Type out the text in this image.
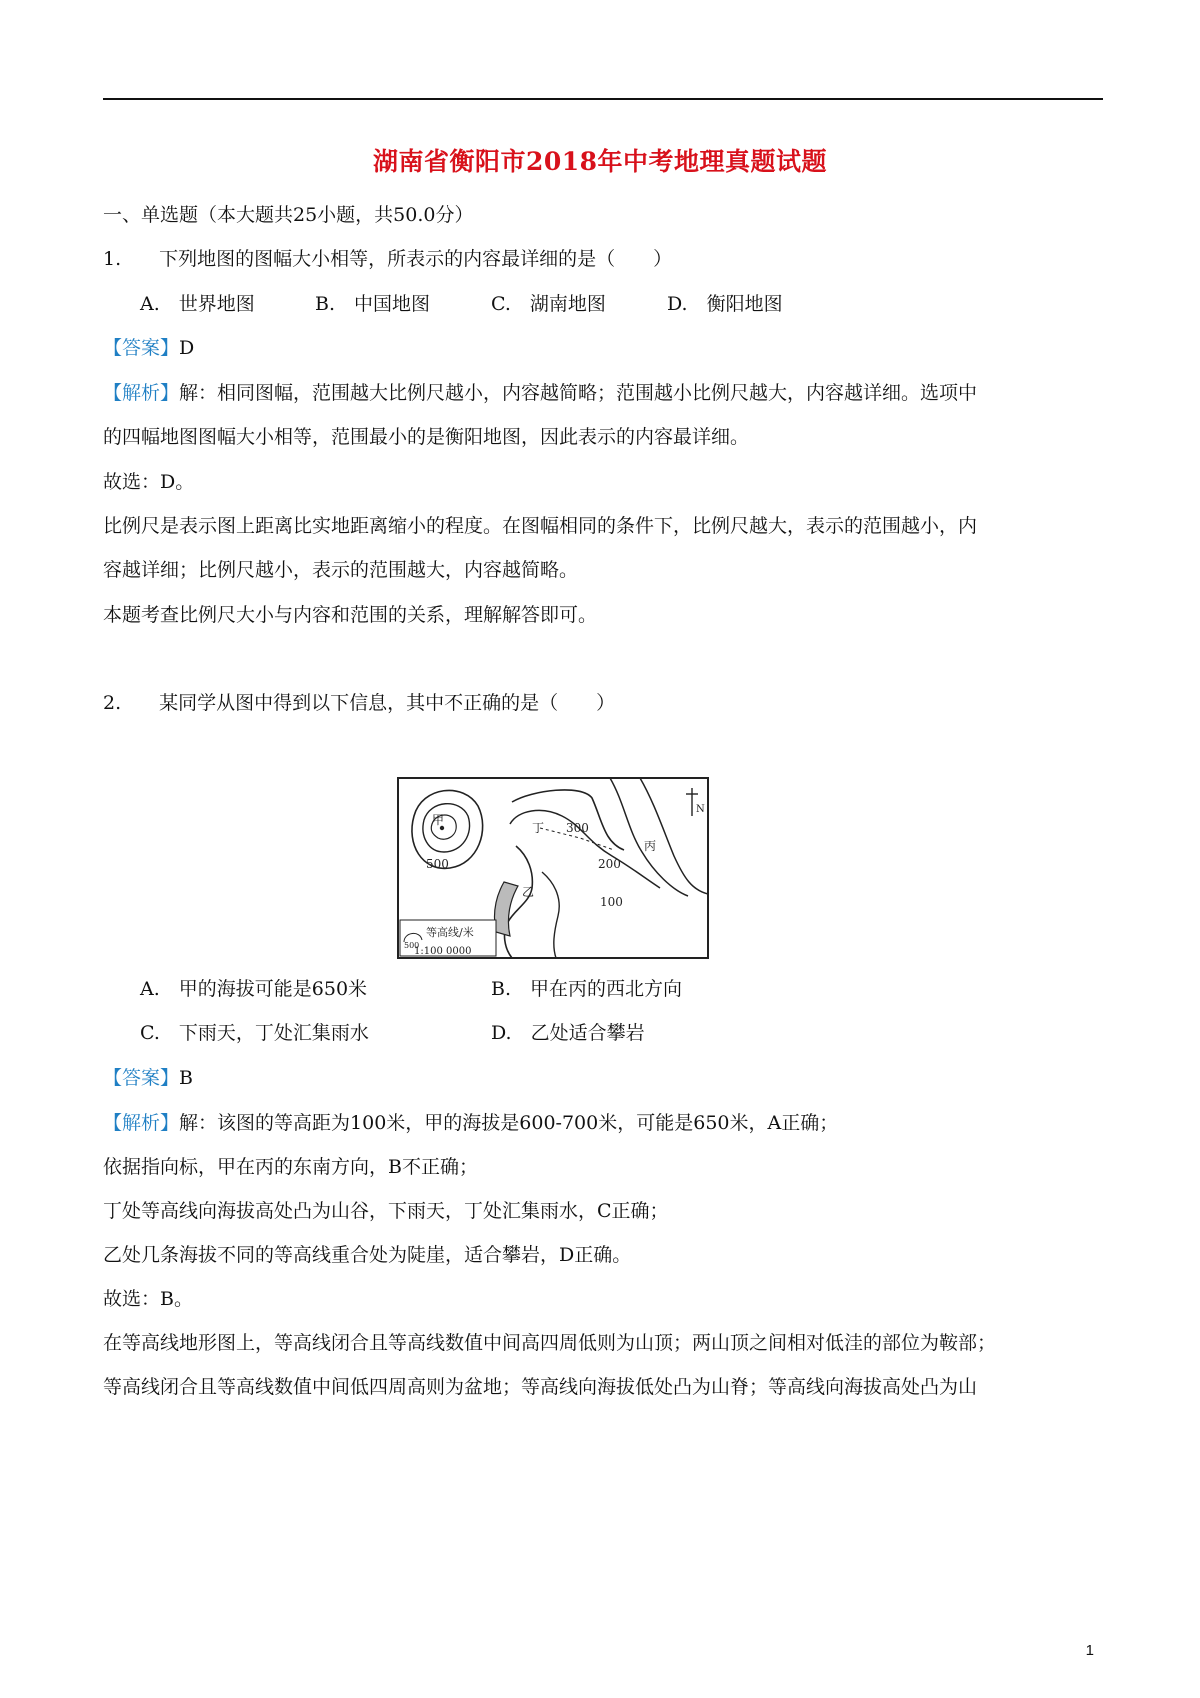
湖南省衡阳市2018年中考地理真题试题
一、单选题（本大题共25小题，共50.0分）
1.　　下列地图的图幅大小相等，所表示的内容最详细的是（　　）
A.　世界地图	B.　中国地图	C.　湖南地图	D.　衡阳地图
【答案】D
【解析】解：相同图幅，范围越大比例尺越小，内容越简略；范围越小比例尺越大，内容越详细。选项中
的四幅地图图幅大小相等，范围最小的是衡阳地图，因此表示的内容最详细。
故选：D。
比例尺是表示图上距离比实地距离缩小的程度。在图幅相同的条件下，比例尺越大，表示的范围越小，内
容越详细；比例尺越小，表示的范围越大，内容越简略。
本题考查比例尺大小与内容和范围的关系，理解解答即可。
2.　　某同学从图中得到以下信息，其中不正确的是（　　）
甲
丁
丙
乙
500
300
200
100
N
500
等高线/米
1:100 0000
A.　甲的海拔可能是650米	B.　甲在丙的西北方向
C.　下雨天，丁处汇集雨水	D.　乙处适合攀岩
【答案】B
【解析】解：该图的等高距为100米，甲的海拔是600-700米，可能是650米，A正确；
依据指向标，甲在丙的东南方向，B不正确；
丁处等高线向海拔高处凸为山谷，下雨天，丁处汇集雨水，C正确；
乙处几条海拔不同的等高线重合处为陡崖，适合攀岩，D正确。
故选：B。
在等高线地形图上，等高线闭合且等高线数值中间高四周低则为山顶；两山顶之间相对低洼的部位为鞍部；
等高线闭合且等高线数值中间低四周高则为盆地；等高线向海拔低处凸为山脊；等高线向海拔高处凸为山
1
